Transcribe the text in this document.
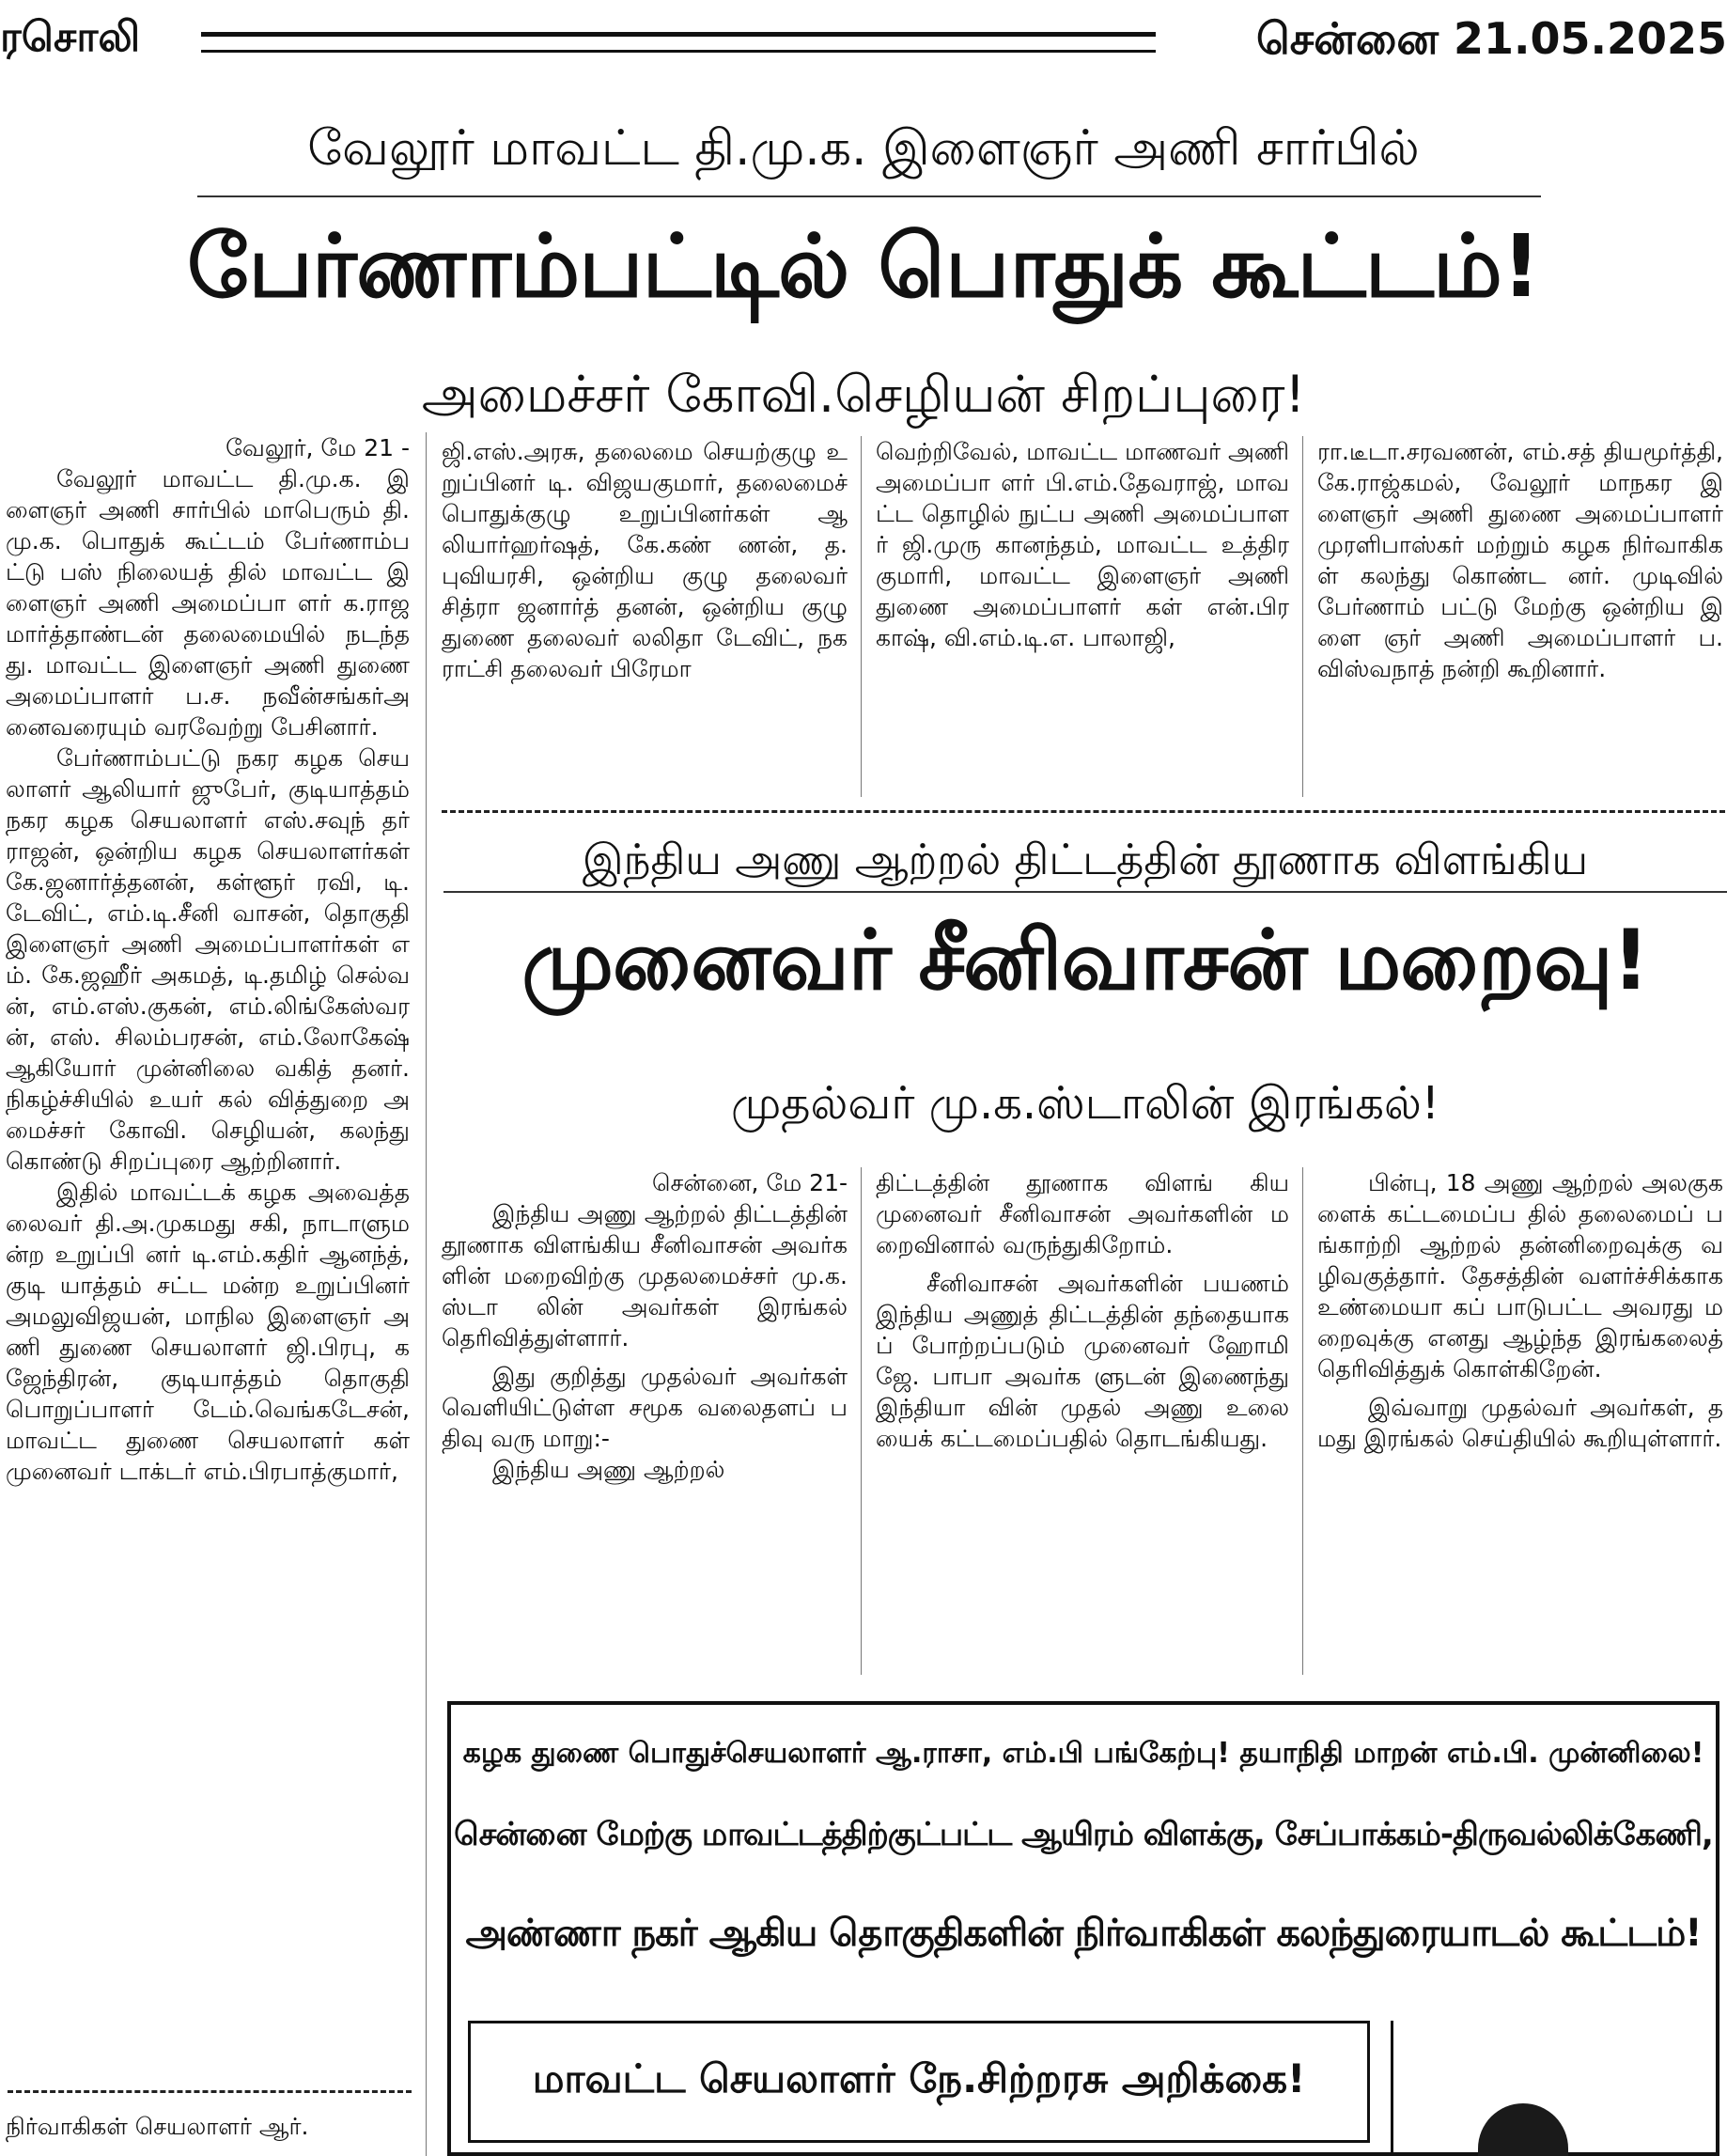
ரசொலி	சென்னை 21.05.2025
வேலூர் மாவட்ட தி.மு.க. இளைஞர் அணி சார்பில்
பேர்ணாம்பட்டில் பொதுக் கூட்டம்!
அமைச்சர் கோவி.செழியன் சிறப்புரை!

வேலூர், மே 21 -

வேலூர் மாவட்ட தி.மு.க. இளைஞர் அணி சார்பில் மாபெரும் தி.மு.க. பொதுக் கூட்டம் பேர்ணாம்பட்டு பஸ் நிலையத் தில் மாவட்ட இளைஞர் அணி அமைப்பா ளர் க.ராஜமார்த்தாண்டன் தலைமையில் நடந்தது. மாவட்ட இளைஞர் அணி துணை அமைப்பாளர் ப.ச. நவீன்சங்கர்அனைவரையும் வரவேற்று பேசினார்.

பேர்ணாம்பட்டு நகர கழக செயலாளர் ஆலியார் ஜுபேர், குடியாத்தம் நகர கழக செயலாளர் எஸ்.சவுந் தர் ராஜன், ஒன்றிய கழக செயலாளர்கள் கே.ஜனார்த்தனன், கள்ளூர் ரவி, டி.டேவிட், எம்.டி.சீனி வாசன், தொகுதி இளைஞர் அணி அமைப்பாளர்கள் எம். கே.ஜஹீர் அகமத், டி.தமிழ் செல்வன், எம்.எஸ்.குகன், எம்.லிங்கேஸ்வரன், எஸ். சிலம்பரசன், எம்.லோகேஷ் ஆகியோர் முன்னிலை வகித் தனர். நிகழ்ச்சியில் உயர் கல் வித்துறை அமைச்சர் கோவி. செழியன், கலந்து கொண்டு சிறப்புரை ஆற்றினார்.

இதில் மாவட்டக் கழக அவைத்தலைவர் தி.அ.முகமது சகி, நாடாளுமன்ற உறுப்பி னர் டி.எம்.கதிர் ஆனந்த், குடி யாத்தம் சட்ட மன்ற உறுப்பினர் அமலுவிஜயன், மாநில இளைஞர் அணி துணை செயலாளர் ஜி.பிரபு, கஜேந்திரன், குடியாத்தம் தொகுதி பொறுப்பாளர் டேம்.வெங்கடேசன், மாவட்ட துணை செயலாளர் கள் முனைவர் டாக்டர் எம்.பிரபாத்குமார்,

நிர்வாகிகள் செயலாளர் ஆர்.

ஜி.எஸ்.அரசு, தலைமை செயற்குழு உறுப்பினர் டி. விஜயகுமார், தலைமைச் பொதுக்குழு உறுப்பினர்கள் ஆலியார்ஹர்ஷத், கே.கண் ணன், த.புவியரசி, ஒன்றிய குழு தலைவர் சித்ரா ஜனார்த் தனன், ஒன்றிய குழு துணை தலைவர் லலிதா டேவிட், நகராட்சி தலைவர் பிரேமா

வெற்றிவேல், மாவட்ட மாணவர் அணி அமைப்பா ளர் பி.எம்.தேவராஜ், மாவட்ட தொழில் நுட்ப அணி அமைப்பாளர் ஜி.முரு கானந்தம், மாவட்ட உத்திர குமாரி, மாவட்ட இளைஞர் அணி துணை அமைப்பாளர் கள் என்.பிரகாஷ், வி.எம்.டி.எ. பாலாஜி,

ரா.டீடா.சரவணன், எம்.சத் தியமூர்த்தி, கே.ராஜ்கமல், வேலூர் மாநகர இளைஞர் அணி துணை அமைப்பாளர் முரளிபாஸ்கர் மற்றும் கழக நிர்வாகிகள் கலந்து கொண்ட னர். முடிவில் பேர்ணாம் பட்டு மேற்கு ஒன்றிய இளை ஞர் அணி அமைப்பாளர் ப.விஸ்வநாத் நன்றி கூறினார்.

இந்திய அணு ஆற்றல் திட்டத்தின் தூணாக விளங்கிய
முனைவர் சீனிவாசன் மறைவு!
முதல்வர் மு.க.ஸ்டாலின் இரங்கல்!

சென்னை, மே 21-

இந்திய அணு ஆற்றல் திட்டத்தின் தூணாக விளங்கிய சீனிவாசன் அவர்களின் மறைவிற்கு முதலமைச்சர் மு.க.ஸ்டா லின் அவர்கள் இரங்கல் தெரிவித்துள்ளார்.

இது குறித்து முதல்வர் அவர்கள் வெளியிட்டுள்ள சமூக வலைதளப் பதிவு வரு மாறு:-

இந்திய அணு ஆற்றல்

திட்டத்தின் தூணாக விளங் கிய முனைவர் சீனிவாசன் அவர்களின் மறைவினால் வருந்துகிறோம்.

சீனிவாசன் அவர்களின் பயணம் இந்திய அணுத் திட்டத்தின் தந்தையாகப் போற்றப்படும் முனைவர் ஹோமி ஜே. பாபா அவர்க ளுடன் இணைந்து இந்தியா வின் முதல் அணு உலை யைக் கட்டமைப்பதில் தொடங்கியது.

பின்பு, 18 அணு ஆற்றல் அலகுகளைக் கட்டமைப்ப தில் தலைமைப் பங்காற்றி ஆற்றல் தன்னிறைவுக்கு வழிவகுத்தார். தேசத்தின் வளர்ச்சிக்காக உண்மையா கப் பாடுபட்ட அவரது மறைவுக்கு எனது ஆழ்ந்த இரங்கலைத் தெரிவித்துக் கொள்கிறேன்.

இவ்வாறு முதல்வர் அவர்கள், தமது இரங்கல் செய்தியில் கூறியுள்ளார்.

கழக துணை பொதுச்செயலாளர் ஆ.ராசா, எம்.பி பங்கேற்பு! தயாநிதி மாறன் எம்.பி. முன்னிலை!
சென்னை மேற்கு மாவட்டத்திற்குட்பட்ட ஆயிரம் விளக்கு, சேப்பாக்கம்-திருவல்லிக்கேணி,
அண்ணா நகர் ஆகிய தொகுதிகளின் நிர்வாகிகள் கலந்துரையாடல் கூட்டம்!
மாவட்ட செயலாளர் நே.சிற்றரசு அறிக்கை!
